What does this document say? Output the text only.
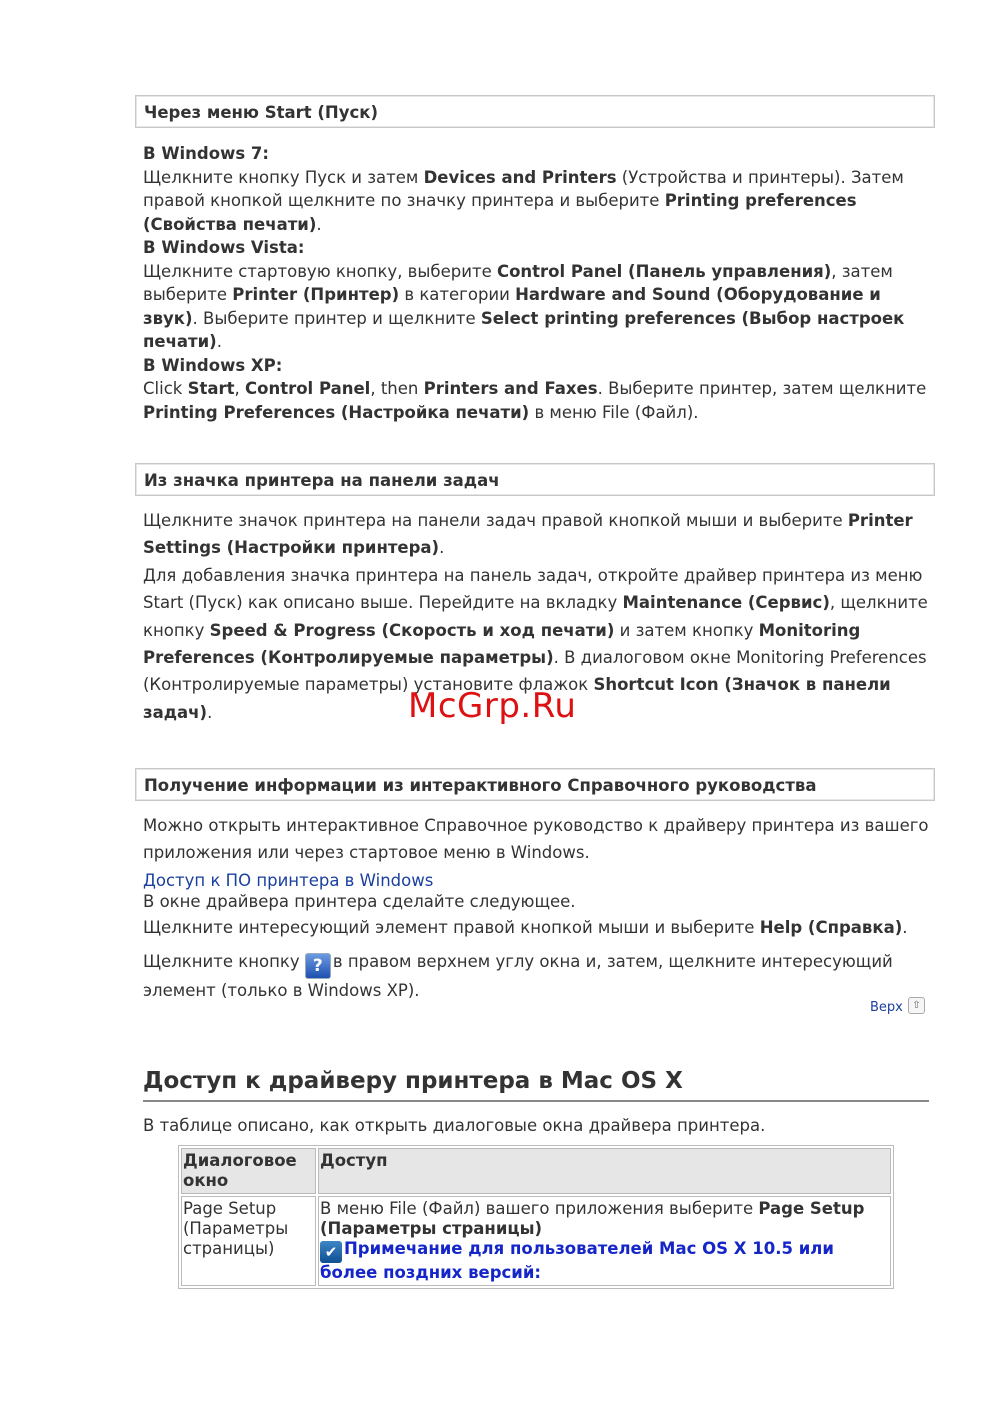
Через меню Start (Пуск)

В Windows 7:

Щелкните кнопку Пуск и затем Devices and Printers (Устройства и принтеры). Затем правой кнопкой щелкните по значку принтера и выберите Printing preferences (Свойства печати).

В Windows Vista:

Щелкните стартовую кнопку, выберите Control Panel (Панель управления), затем выберите Printer (Принтер) в категории Hardware and Sound (Оборудование и звук). Выберите принтер и щелкните Select printing preferences (Выбор настроек печати).

В Windows XP:

Click Start, Control Panel, then Printers and Faxes. Выберите принтер, затем щелкните Printing Preferences (Настройка печати) в меню File (Файл).

Из значка принтера на панели задач

Щелкните значок принтера на панели задач правой кнопкой мыши и выберите Printer Settings (Настройки принтера).

Для добавления значка принтера на панель задач, откройте драйвер принтера из меню Start (Пуск) как описано выше. Перейдите на вкладку Maintenance (Сервис), щелкните кнопку Speed & Progress (Скорость и ход печати) и затем кнопку Monitoring Preferences (Контролируемые параметры). В диалоговом окне Monitoring Preferences (Контролируемые параметры) установите флажок Shortcut Icon (Значок в панели задач).	McGrp.Ru
Получение информации из интерактивного Справочного руководства

Можно открыть интерактивное Справочное руководство к драйверу принтера из вашего приложения или через стартовое меню в Windows.

Доступ к ПО принтера в Windows

В окне драйвера принтера сделайте следующее.

Щелкните интересующий элемент правой кнопкой мыши и выберите Help (Справка).

Щелкните кнопку ? в правом верхнем углу окна и, затем, щелкните интересующий элемент (только в Windows XP).

Верх ⇧
Доступ к драйверу принтера в Mac OS X
В таблице описано, как открыть диалоговые окна драйвера принтера.
Диалоговое окно	Доступ
Page Setup (Параметры страницы)	В меню File (Файл) вашего приложения выберите Page Setup (Параметры страницы)
✔ Примечание для пользователей Mac OS X 10.5 или более поздних версий:
